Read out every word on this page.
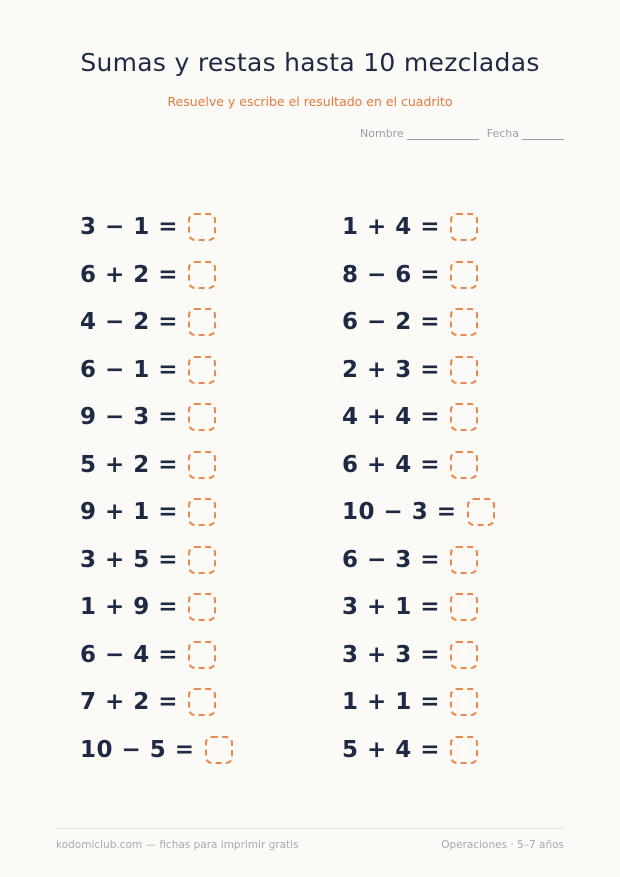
Sumas y restas hasta 10 mezcladas
Resuelve y escribe el resultado en el cuadrito
Nombre	Fecha
3 − 1 =
6 + 2 =
4 − 2 =
6 − 1 =
9 − 3 =
5 + 2 =
9 + 1 =
3 + 5 =
1 + 9 =
6 − 4 =
7 + 2 =
10 − 5 =
1 + 4 =
8 − 6 =
6 − 2 =
2 + 3 =
4 + 4 =
6 + 4 =
10 − 3 =
6 − 3 =
3 + 1 =
3 + 3 =
1 + 1 =
5 + 4 =
kodomiclub.com — fichas para imprimir gratis	Operaciones · 5–7 años
